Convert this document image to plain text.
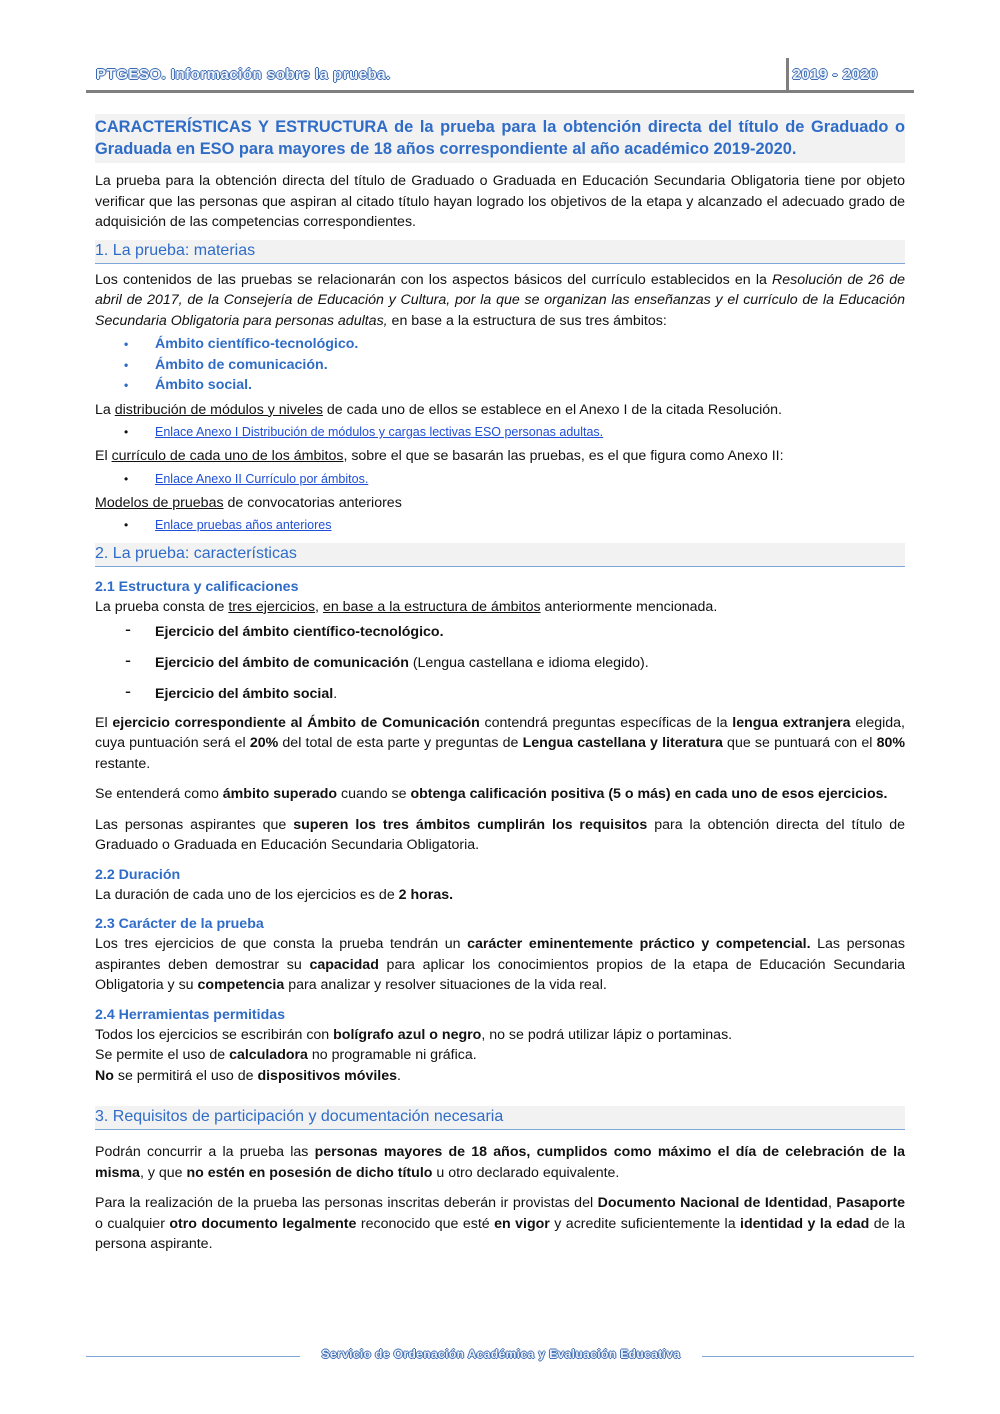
PTGESO. Información sobre la prueba.	2019 - 2020
CARACTERÍSTICAS Y ESTRUCTURA de la prueba para la obtención directa del título de Graduado o Graduada en ESO para mayores de 18 años correspondiente al año académico 2019-2020.

La prueba para la obtención directa del título de Graduado o Graduada en Educación Secundaria Obligatoria tiene por objeto verificar que las personas que aspiran al citado título hayan logrado los objetivos de la etapa y alcanzado el adecuado grado de adquisición de las competencias correspondientes.

1. La prueba: materias

Los contenidos de las pruebas se relacionarán con los aspectos básicos del currículo establecidos en la Resolución de 26 de abril de 2017, de la Consejería de Educación y Cultura, por la que se organizan las enseñanzas y el currículo de la Educación Secundaria Obligatoria para personas adultas, en base a la estructura de sus tres ámbitos:

• Ámbito científico-tecnológico.
• Ámbito de comunicación.
• Ámbito social.

La distribución de módulos y niveles de cada uno de ellos se establece en el Anexo I de la citada Resolución.

• Enlace Anexo I Distribución de módulos y cargas lectivas ESO personas adultas.

El currículo de cada uno de los ámbitos, sobre el que se basarán las pruebas, es el que figura como Anexo II:

• Enlace Anexo II Currículo por ámbitos.

Modelos de pruebas de convocatorias anteriores

• Enlace pruebas años anteriores
2. La prueba: características
2.1 Estructura y calificaciones

La prueba consta de tres ejercicios, en base a la estructura de ámbitos anteriormente mencionada.

- Ejercicio del ámbito científico-tecnológico.
- Ejercicio del ámbito de comunicación (Lengua castellana e idioma elegido).
- Ejercicio del ámbito social.

El ejercicio correspondiente al Ámbito de Comunicación contendrá preguntas específicas de la lengua extranjera elegida, cuya puntuación será el 20% del total de esta parte y preguntas de Lengua castellana y literatura que se puntuará con el 80% restante.

Se entenderá como ámbito superado cuando se obtenga calificación positiva (5 o más) en cada uno de esos ejercicios.

Las personas aspirantes que superen los tres ámbitos cumplirán los requisitos para la obtención directa del título de Graduado o Graduada en Educación Secundaria Obligatoria.

2.2 Duración

La duración de cada uno de los ejercicios es de 2 horas.

2.3 Carácter de la prueba

Los tres ejercicios de que consta la prueba tendrán un carácter eminentemente práctico y competencial. Las personas aspirantes deben demostrar su capacidad para aplicar los conocimientos propios de la etapa de Educación Secundaria Obligatoria y su competencia para analizar y resolver situaciones de la vida real.

2.4 Herramientas permitidas

Todos los ejercicios se escribirán con bolígrafo azul o negro, no se podrá utilizar lápiz o portaminas.

Se permite el uso de calculadora no programable ni gráfica.

No se permitirá el uso de dispositivos móviles.

3. Requisitos de participación y documentación necesaria

Podrán concurrir a la prueba las personas mayores de 18 años, cumplidos como máximo el día de celebración de la misma, y que no estén en posesión de dicho título u otro declarado equivalente.

Para la realización de la prueba las personas inscritas deberán ir provistas del Documento Nacional de Identidad, Pasaporte o cualquier otro documento legalmente reconocido que esté en vigor y acredite suficientemente la identidad y la edad de la persona aspirante.

Servicio de Ordenación Académica y Evaluación Educativa
